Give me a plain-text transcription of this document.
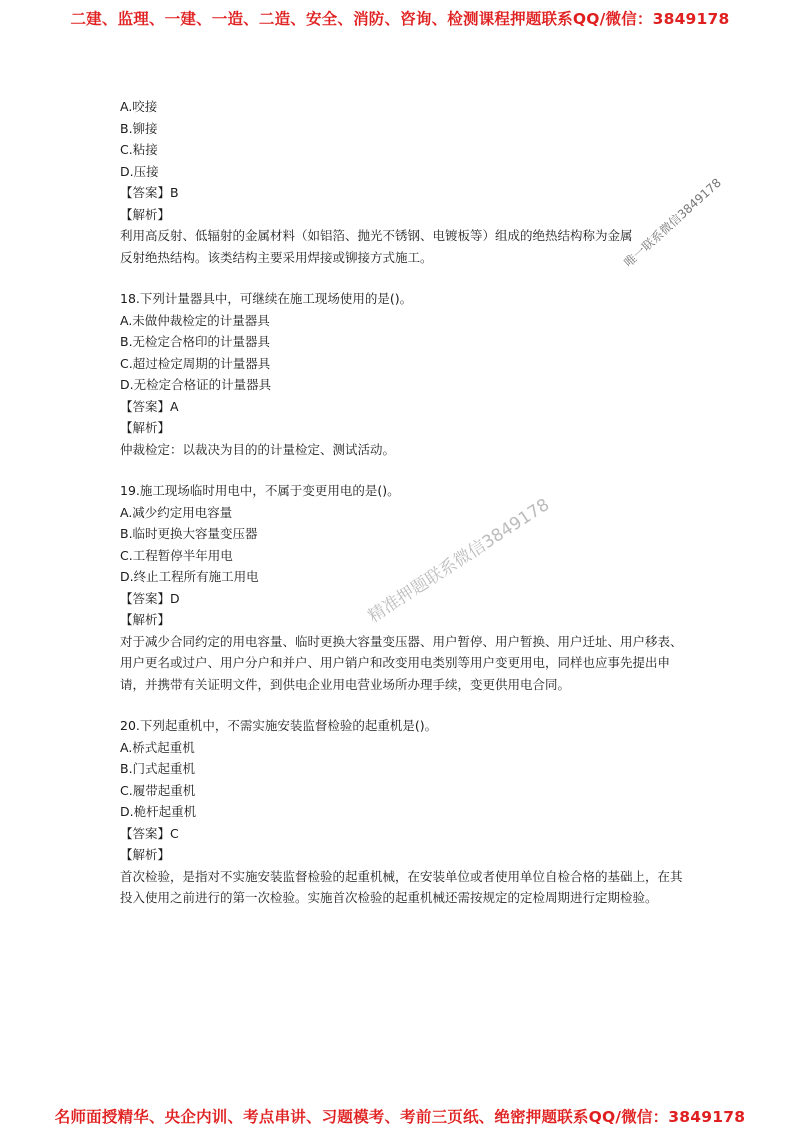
二建、监理、一建、一造、二造、安全、消防、咨询、检测课程押题联系QQ/微信：3849178
A.咬接
B.铆接
C.粘接
D.压接
【答案】B
【解析】
利用高反射、低辐射的金属材料（如铝箔、抛光不锈钢、电镀板等）组成的绝热结构称为金属反射绝热结构。该类结构主要采用焊接或铆接方式施工。
18.下列计量器具中，可继续在施工现场使用的是()。
A.未做仲裁检定的计量器具
B.无检定合格印的计量器具
C.超过检定周期的计量器具
D.无检定合格证的计量器具
【答案】A
【解析】
仲裁检定：以裁决为目的的计量检定、测试活动。
19.施工现场临时用电中，不属于变更用电的是()。
A.减少约定用电容量
B.临时更换大容量变压器
C.工程暂停半年用电
D.终止工程所有施工用电
【答案】D
【解析】
对于减少合同约定的用电容量、临时更换大容量变压器、用户暂停、用户暂换、用户迁址、用户移表、用户更名或过户、用户分户和并户、用户销户和改变用电类别等用户变更用电，同样也应事先提出申请，并携带有关证明文件，到供电企业用电营业场所办理手续，变更供用电合同。
20.下列起重机中，不需实施安装监督检验的起重机是()。
A.桥式起重机
B.门式起重机
C.履带起重机
D.桅杆起重机
【答案】C
【解析】
首次检验，是指对不实施安装监督检验的起重机械，在安装单位或者使用单位自检合格的基础上，在其投入使用之前进行的第一次检验。实施首次检验的起重机械还需按规定的定检周期进行定期检验。
唯一联系微信3849178
精准押题联系微信3849178
名师面授精华、央企内训、考点串讲、习题模考、考前三页纸、绝密押题联系QQ/微信：3849178
